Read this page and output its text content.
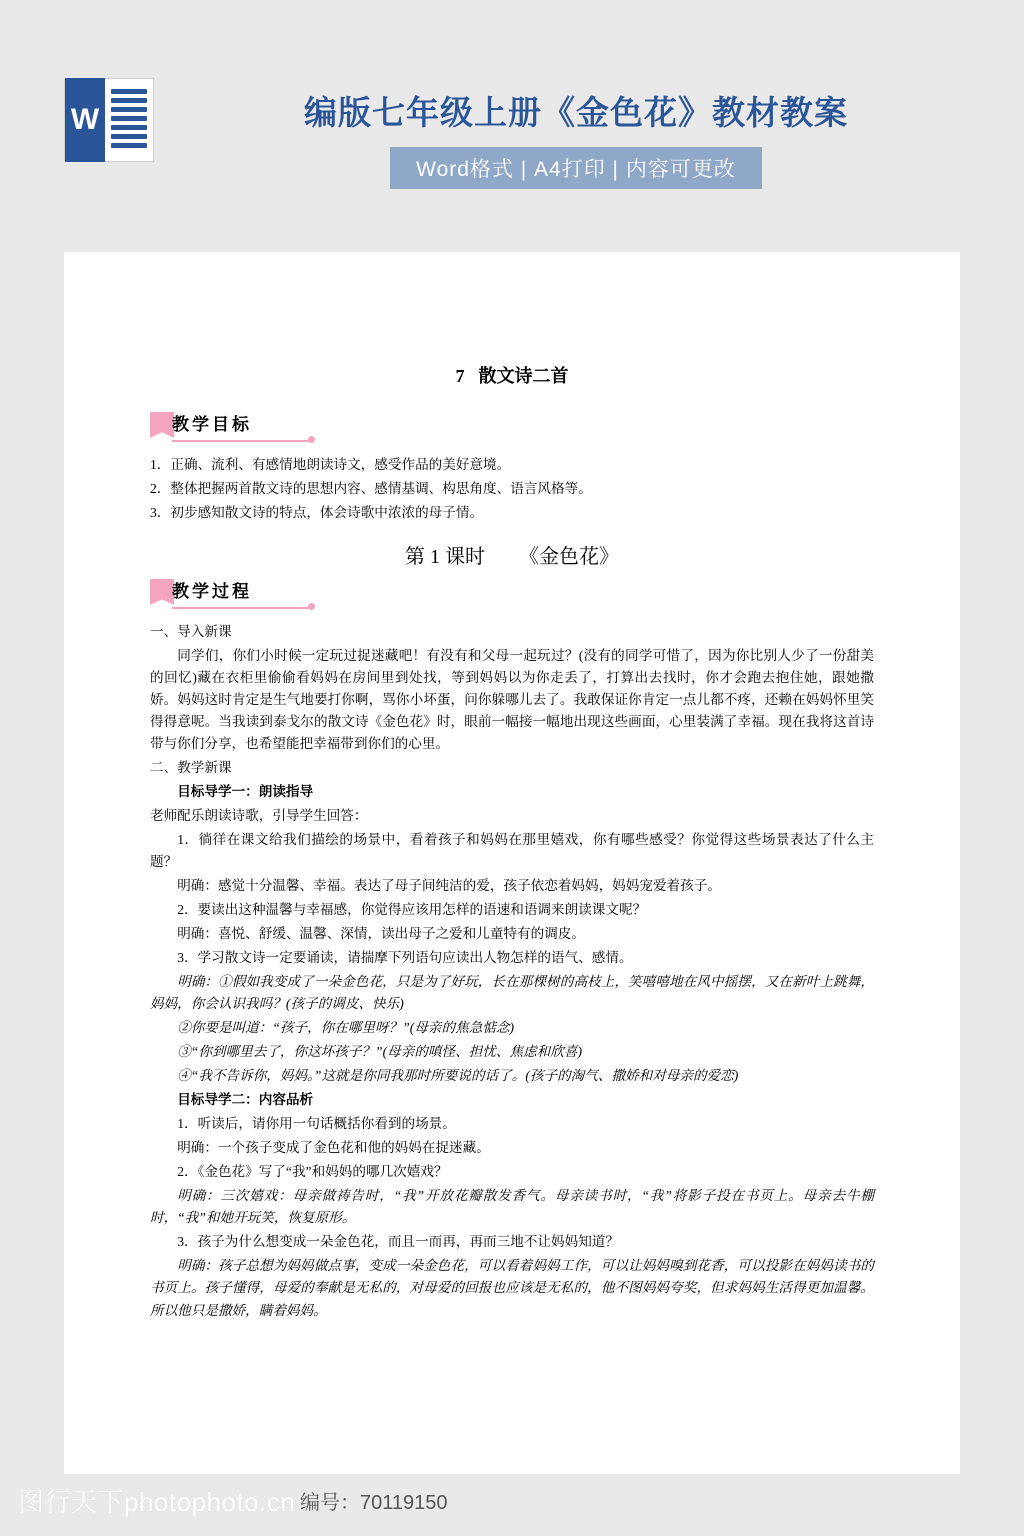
W	编版七年级上册《金色花》教材教案
Word格式 | A4打印 | 内容可更改
7 散文诗二首
教学目标

1．正确、流利、有感情地朗读诗文，感受作品的美好意境。

2．整体把握两首散文诗的思想内容、感情基调、构思角度、语言风格等。

3．初步感知散文诗的特点，体会诗歌中浓浓的母子情。

第 1 课时 《金色花》
教学过程

一、导入新课

同学们，你们小时候一定玩过捉迷藏吧！有没有和父母一起玩过？(没有的同学可惜了，因为你比别人少了一份甜美的回忆)藏在衣柜里偷偷看妈妈在房间里到处找，等到妈妈以为你走丢了，打算出去找时，你才会跑去抱住她，跟她撒娇。妈妈这时肯定是生气地要打你啊，骂你小坏蛋，问你躲哪儿去了。我敢保证你肯定一点儿都不疼，还赖在妈妈怀里笑得得意呢。当我读到泰戈尔的散文诗《金色花》时，眼前一幅接一幅地出现这些画面，心里装满了幸福。现在我将这首诗带与你们分享，也希望能把幸福带到你们的心里。

二、教学新课

目标导学一：朗读指导

老师配乐朗读诗歌，引导学生回答：

1．徜徉在课文给我们描绘的场景中，看着孩子和妈妈在那里嬉戏，你有哪些感受？你觉得这些场景表达了什么主题？

明确：感觉十分温馨、幸福。表达了母子间纯洁的爱，孩子依恋着妈妈，妈妈宠爱着孩子。

2．要读出这种温馨与幸福感，你觉得应该用怎样的语速和语调来朗读课文呢？

明确：喜悦、舒缓、温馨、深情，读出母子之爱和儿童特有的调皮。

3．学习散文诗一定要诵读，请揣摩下列语句应读出人物怎样的语气、感情。

明确：①假如我变成了一朵金色花，只是为了好玩，长在那棵树的高枝上，笑嘻嘻地在风中摇摆，又在新叶上跳舞，妈妈，你会认识我吗？(孩子的调皮、快乐)

②你要是叫道：“孩子，你在哪里呀？”(母亲的焦急惦念)

③“你到哪里去了，你这坏孩子？”(母亲的嗔怪、担忧、焦虑和欣喜)

④“我不告诉你，妈妈。”这就是你同我那时所要说的话了。(孩子的淘气、撒娇和对母亲的爱恋)

目标导学二：内容品析

1．听读后，请你用一句话概括你看到的场景。

明确：一个孩子变成了金色花和他的妈妈在捉迷藏。

2．《金色花》写了“我”和妈妈的哪几次嬉戏？

明确：三次嬉戏：母亲做祷告时，“我”开放花瓣散发香气。母亲读书时，“我”将影子投在书页上。母亲去牛棚时，“我”和她开玩笑，恢复原形。

3．孩子为什么想变成一朵金色花，而且一而再，再而三地不让妈妈知道？

明确：孩子总想为妈妈做点事，变成一朵金色花，可以看着妈妈工作，可以让妈妈嗅到花香，可以投影在妈妈读书的书页上。孩子懂得，母爱的奉献是无私的，对母爱的回报也应该是无私的，他不图妈妈夸奖，但求妈妈生活得更加温馨。所以他只是撒娇，瞒着妈妈。

图行天下photophoto.cn 编号：70119150
